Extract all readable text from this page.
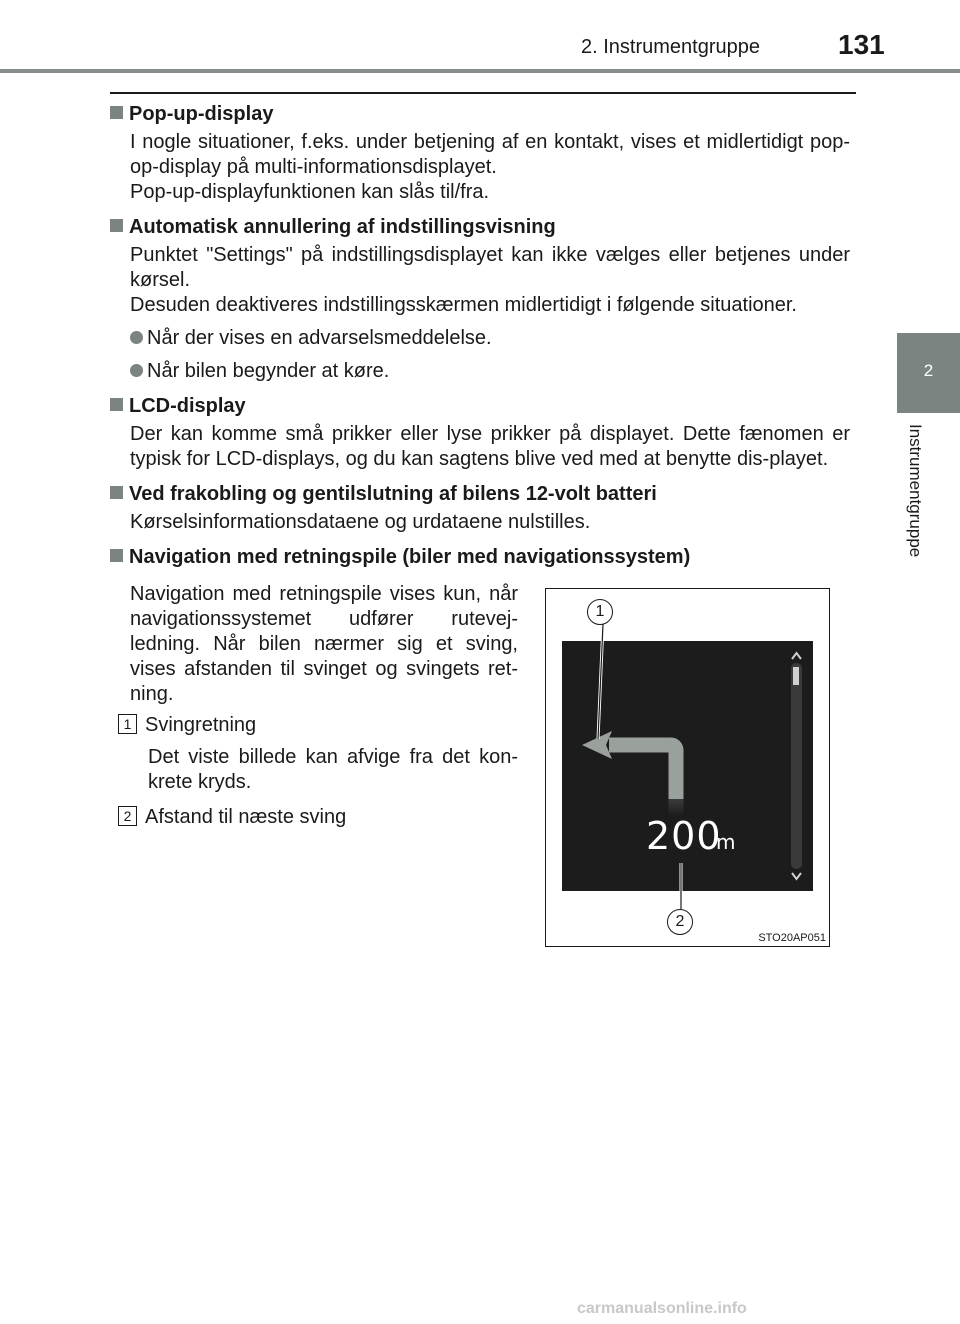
2. Instrumentgruppe	131
2
Instrumentgruppe
Pop-up-display
I nogle situationer, f.eks. under betjening af en kontakt, vises et midlertidigt pop-op-display på multi-informationsdisplayet.
Pop-up-displayfunktionen kan slås til/fra.
Automatisk annullering af indstillingsvisning
Punktet "Settings" på indstillingsdisplayet kan ikke vælges eller betjenes under kørsel.
Desuden deaktiveres indstillingsskærmen midlertidigt i følgende situationer.
Når der vises en advarselsmeddelelse.
Når bilen begynder at køre.
LCD-display
Der kan komme små prikker eller lyse prikker på displayet. Dette fænomen er typisk for LCD-displays, og du kan sagtens blive ved med at benytte dis-playet.
Ved frakobling og gentilslutning af bilens 12-volt batteri
Kørselsinformationsdataene og urdataene nulstilles.
Navigation med retningspile (biler med navigationssystem)
Navigation med retningspile vises kun, når navigationssystemet udfører rutevej-ledning. Når bilen nærmer sig et sving, vises afstanden til svinget og svingets ret-ning.
1 Svingretning
Det viste billede kan afvige fra det kon-krete kryds.
2 Afstand til næste sving	200
m
1
2
STO20AP051
carmanualsonline.info
